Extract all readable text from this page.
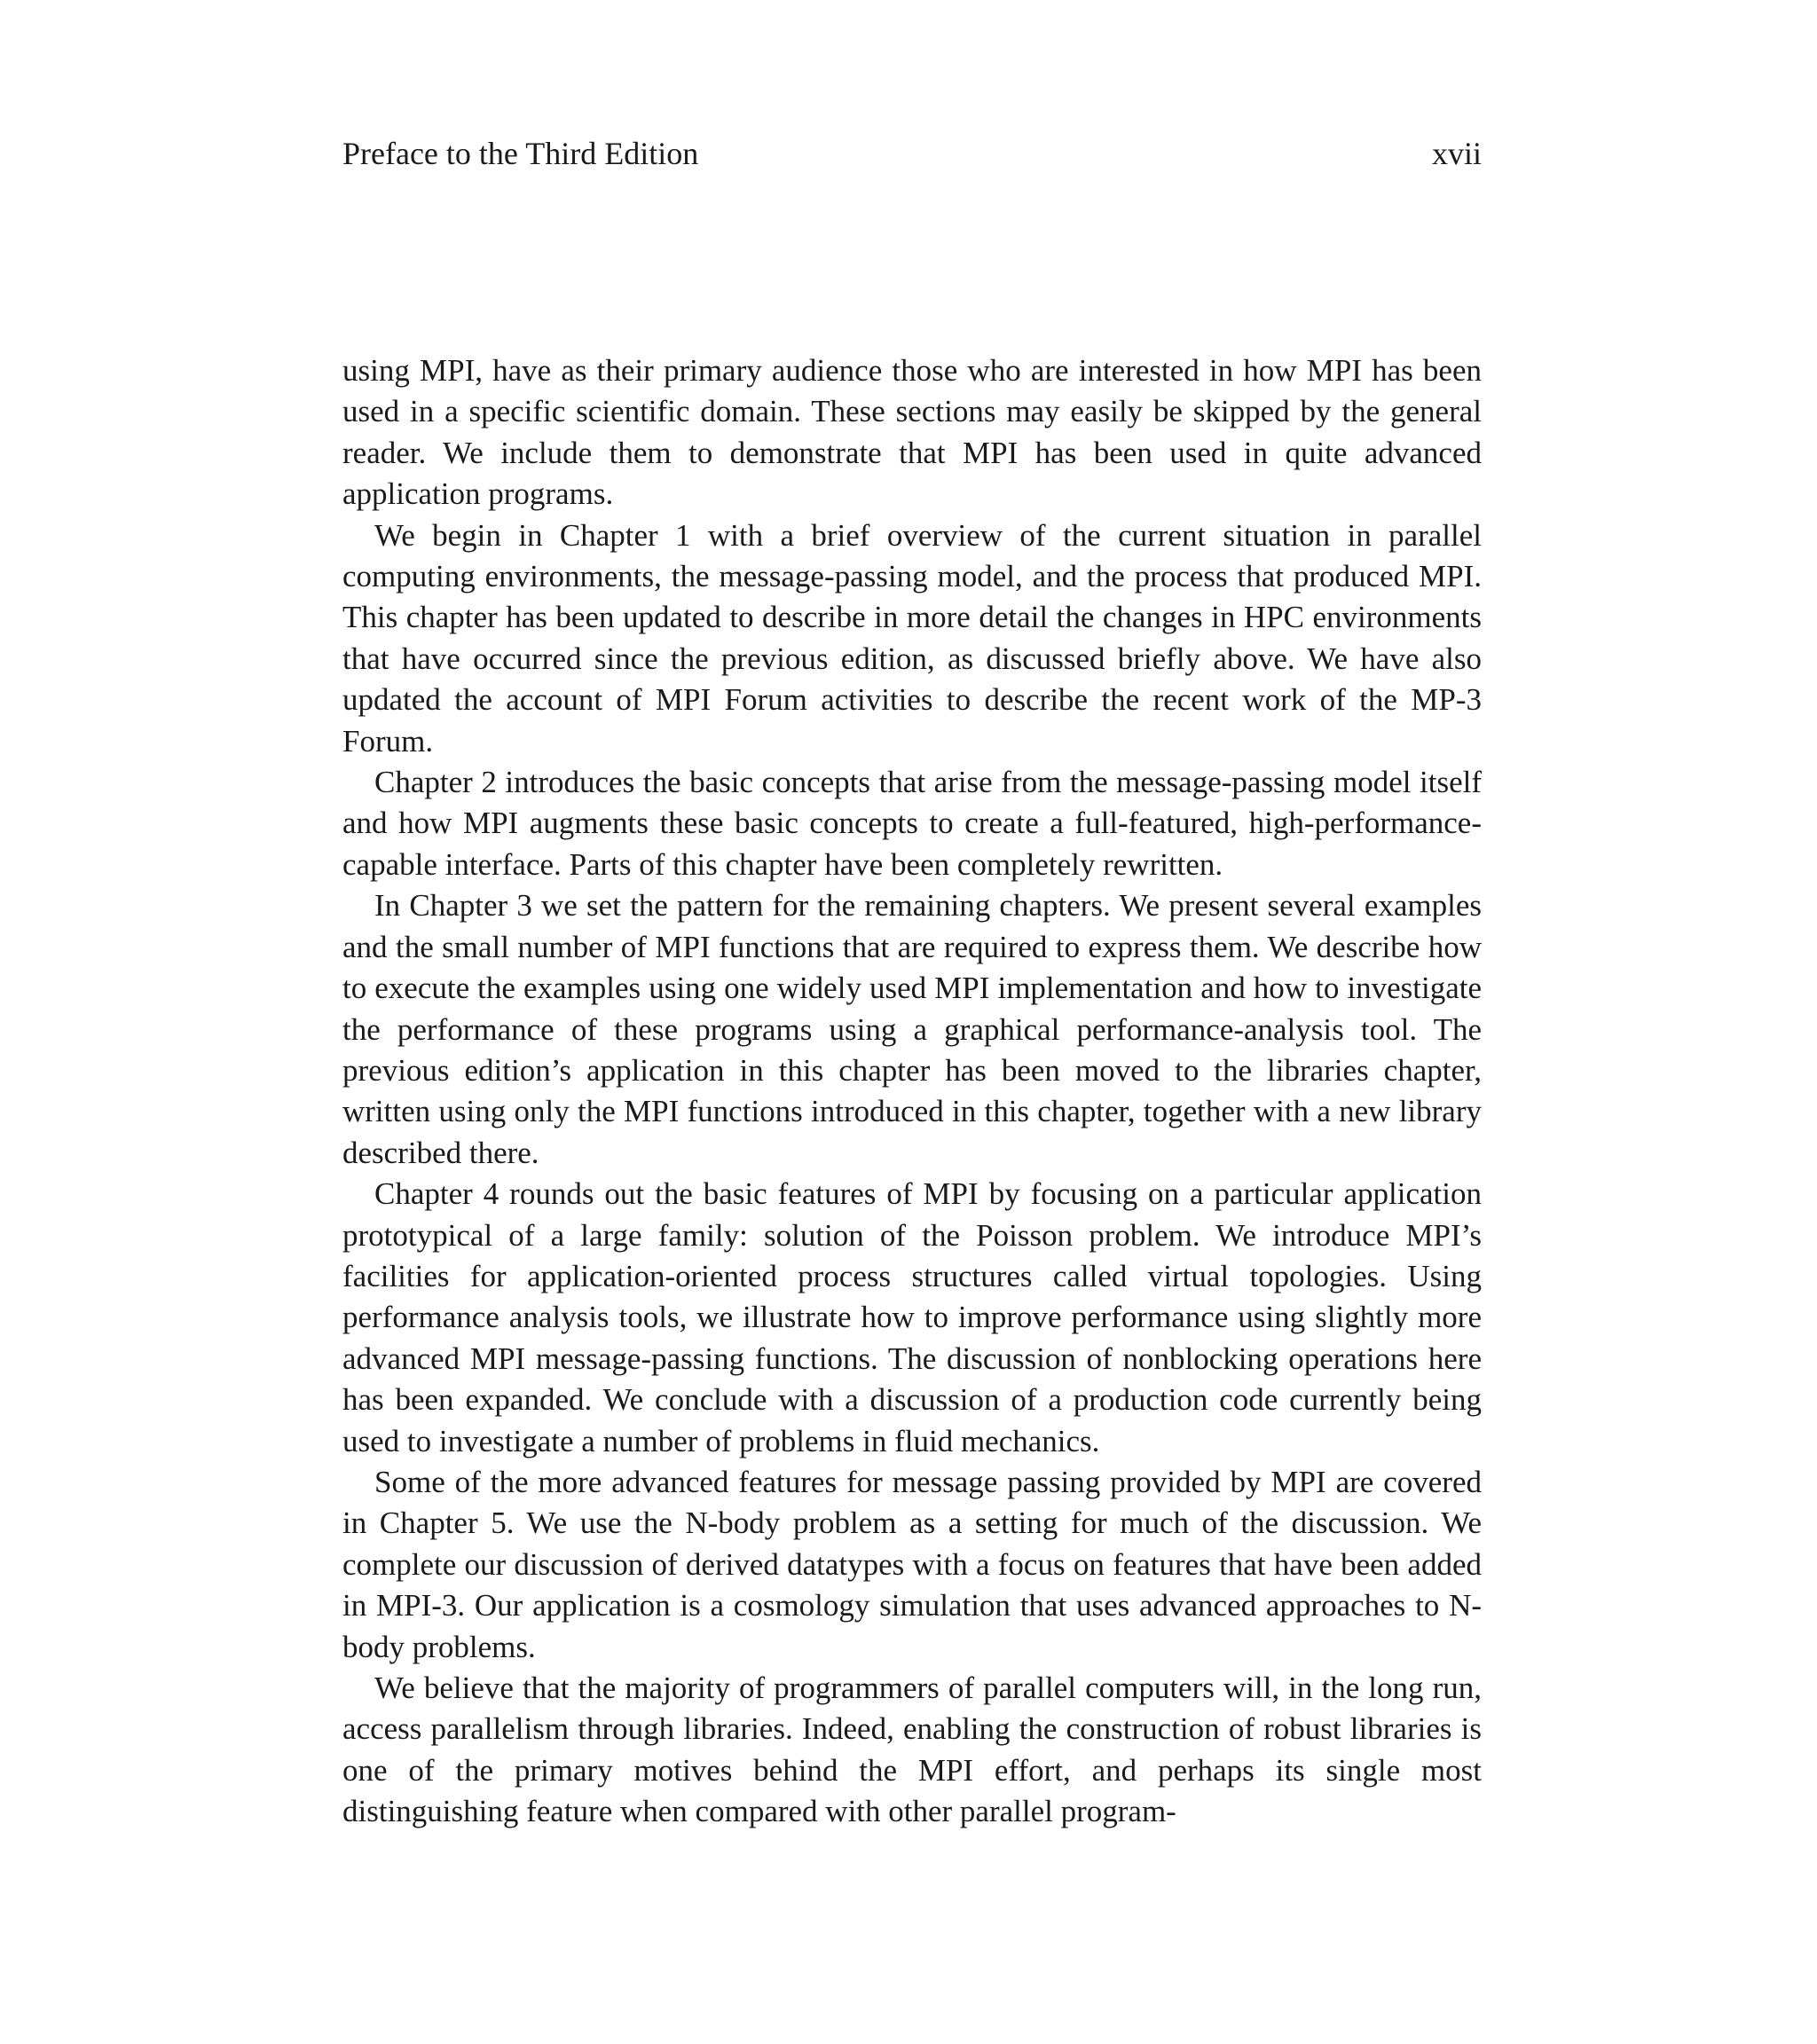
Preface to the Third Edition	xvii

using MPI, have as their primary audience those who are interested in how MPI has been used in a specific scientific domain. These sections may easily be skipped by the general reader. We include them to demonstrate that MPI has been used in quite advanced application programs.

We begin in Chapter 1 with a brief overview of the current situation in parallel computing environments, the message-passing model, and the process that produced MPI. This chapter has been updated to describe in more detail the changes in HPC environments that have occurred since the previous edition, as discussed briefly above. We have also updated the account of MPI Forum activities to describe the recent work of the MP-3 Forum.

Chapter 2 introduces the basic concepts that arise from the message-passing model itself and how MPI augments these basic concepts to create a full-featured, high-performance-capable interface. Parts of this chapter have been completely rewritten.

In Chapter 3 we set the pattern for the remaining chapters. We present several examples and the small number of MPI functions that are required to express them. We describe how to execute the examples using one widely used MPI implementation and how to investigate the performance of these programs using a graphical performance-analysis tool. The previous edition’s application in this chapter has been moved to the libraries chapter, written using only the MPI functions introduced in this chapter, together with a new library described there.

Chapter 4 rounds out the basic features of MPI by focusing on a particular application prototypical of a large family: solution of the Poisson problem. We introduce MPI’s facilities for application-oriented process structures called virtual topologies. Using performance analysis tools, we illustrate how to improve performance using slightly more advanced MPI message-passing functions. The discussion of nonblocking operations here has been expanded. We conclude with a discussion of a production code currently being used to investigate a number of problems in fluid mechanics.

Some of the more advanced features for message passing provided by MPI are covered in Chapter 5. We use the N-body problem as a setting for much of the discussion. We complete our discussion of derived datatypes with a focus on features that have been added in MPI-3. Our application is a cosmology simulation that uses advanced approaches to N-body problems.

We believe that the majority of programmers of parallel computers will, in the long run, access parallelism through libraries. Indeed, enabling the construction of robust libraries is one of the primary motives behind the MPI effort, and perhaps its single most distinguishing feature when compared with other parallel program-
